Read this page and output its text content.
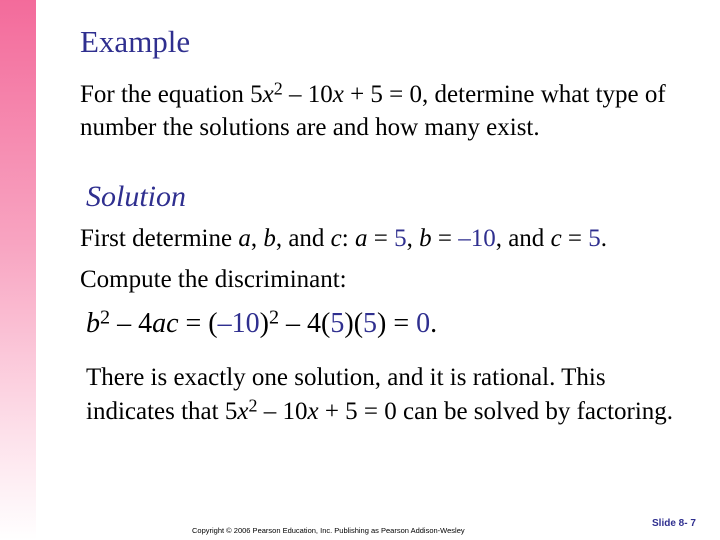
Example
For the equation $5x^2 - 10x + 5 = 0$, determine what type of number the solutions are and how many exist.
Solution
First determine a, b, and c: a = 5, b = –10, and c = 5.
Compute the discriminant:
$b^2 - 4ac = (-10)^2 - 4(5)(5) = 0$.
There is exactly one solution, and it is rational. This indicates that $5x^2 - 10x + 5 = 0$ can be solved by factoring.
Copyright © 2006 Pearson Education, Inc. Publishing as Pearson Addison-Wesley
Slide 8- 7
